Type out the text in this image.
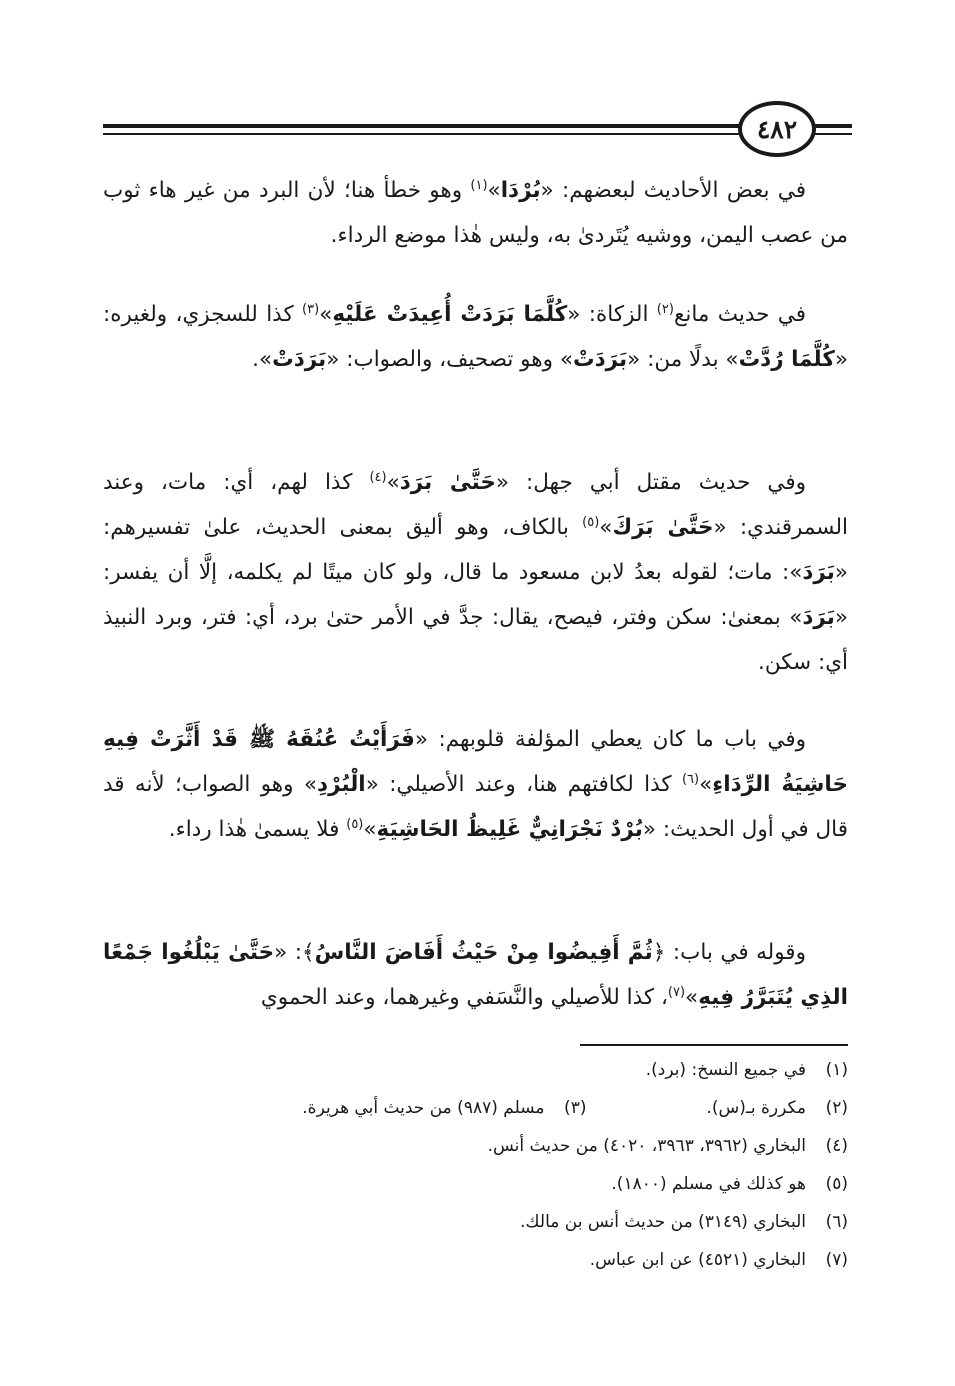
٤٨٢

في بعض الأحاديث لبعضهم: «بُرْدَا»$^{(١)}$ وهو خطأ هنا؛ لأن البرد من غير هاء ثوب من عصب اليمن، ووشيه يُتَردىٰ به، وليس هٰذا موضع الرداء.

في حديث مانع$^{(٢)}$ الزكاة: «كُلَّمَا بَرَدَتْ أُعِيدَتْ عَلَيْهِ»$^{(٣)}$ كذا للسجزي، ولغيره: «كُلَّمَا رُدَّتْ» بدلًا من: «بَرَدَتْ» وهو تصحيف، والصواب: «بَرَدَتْ».

وفي حديث مقتل أبي جهل: «حَتَّىٰ بَرَدَ»$^{(٤)}$ كذا لهم، أي: مات، وعند السمرقندي: «حَتَّىٰ بَرَكَ»$^{(٥)}$ بالكاف، وهو أليق بمعنى الحديث، علىٰ تفسيرهم: «بَرَدَ»: مات؛ لقوله بعدُ لابن مسعود ما قال، ولو كان ميتًا لم يكلمه، إلَّا أن يفسر: «بَرَدَ» بمعنىٰ: سكن وفتر، فيصح، يقال: جدَّ في الأمر حتىٰ برد، أي: فتر، وبرد النبيذ أي: سكن.

وفي باب ما كان يعطي المؤلفة قلوبهم: «فَرَأَيْتُ عُنُقَهُ ﷺ قَدْ أَثَّرَتْ فِيهِ حَاشِيَةُ الرِّدَاءِ»$^{(٦)}$ كذا لكافتهم هنا، وعند الأصيلي: «الْبُرْدِ» وهو الصواب؛ لأنه قد قال في أول الحديث: «بُرْدٌ نَجْرَانِيٌّ غَلِيظُ الحَاشِيَةِ»$^{(٥)}$ فلا يسمىٰ هٰذا رداء.

وقوله في باب: ﴿ثُمَّ أَفِيضُوا مِنْ حَيْثُ أَفَاضَ النَّاسُ﴾: «حَتَّىٰ يَبْلُغُوا جَمْعًا الذِي يُتَبَرَّرُ فِيهِ»$^{(٧)}$، كذا للأصيلي والنَّسَفي وغيرهما، وعند الحموي

(١)في جميع النسخ: (برد).

(٢)مكررة بـ(س).(٣)مسلم (٩٨٧) من حديث أبي هريرة.

(٤)البخاري (٣٩٦٢، ٣٩٦٣، ٤٠٢٠) من حديث أنس.

(٥)هو كذلك في مسلم (١٨٠٠).

(٦)البخاري (٣١٤٩) من حديث أنس بن مالك.

(٧)البخاري (٤٥٢١) عن ابن عباس.
